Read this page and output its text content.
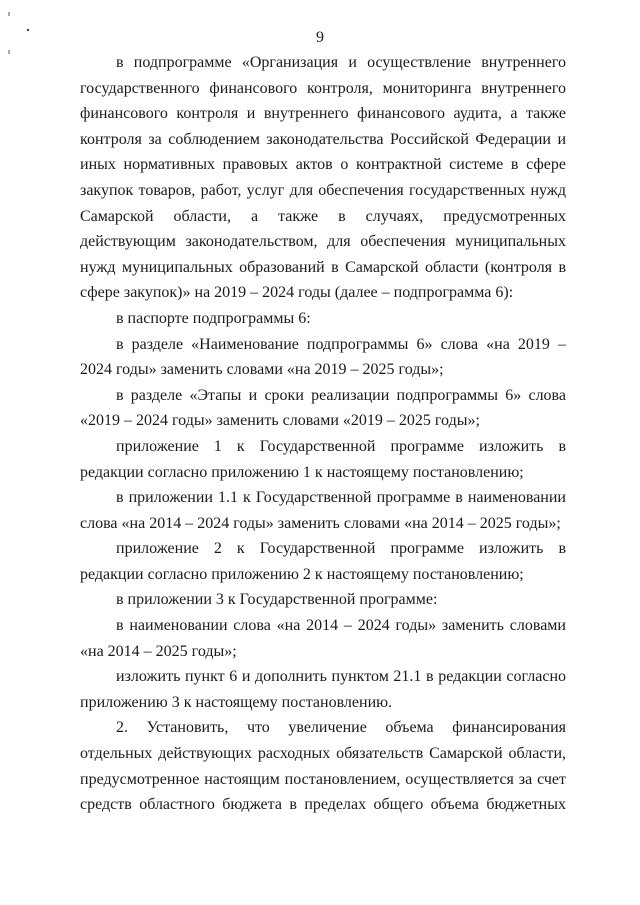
9

в подпрограмме «Организация и осуществление внутреннего государственного финансового контроля, мониторинга внутреннего финансового контроля и внутреннего финансового аудита, а также контроля за соблюдением законодательства Российской Федерации и иных нормативных правовых актов о контрактной системе в сфере закупок товаров, работ, услуг для обеспечения государственных нужд Самарской области, а также в случаях, предусмотренных действующим законодательством, для обеспечения муниципальных нужд муниципальных образований в Самарской области (контроля в сфере закупок)» на 2019 – 2024 годы (далее – подпрограмма 6):

в паспорте подпрограммы 6:

в разделе «Наименование подпрограммы 6» слова «на 2019 – 2024 годы» заменить словами «на 2019 – 2025 годы»;

в разделе «Этапы и сроки реализации подпрограммы 6» слова «2019 – 2024 годы» заменить словами «2019 – 2025 годы»;

приложение 1 к Государственной программе изложить в редакции согласно приложению 1 к настоящему постановлению;

в приложении 1.1 к Государственной программе в наименовании слова «на 2014 – 2024 годы» заменить словами «на 2014 – 2025 годы»;

приложение 2 к Государственной программе изложить в редакции согласно приложению 2 к настоящему постановлению;

в приложении 3 к Государственной программе:

в наименовании слова «на 2014 – 2024 годы» заменить словами «на 2014 – 2025 годы»;

изложить пункт 6 и дополнить пунктом 21.1 в редакции согласно приложению 3 к настоящему постановлению.

2. Установить, что увеличение объема финансирования отдельных действующих расходных обязательств Самарской области, предусмотренное настоящим постановлением, осуществляется за счет средств областного бюджета в пределах общего объема бюджетных
